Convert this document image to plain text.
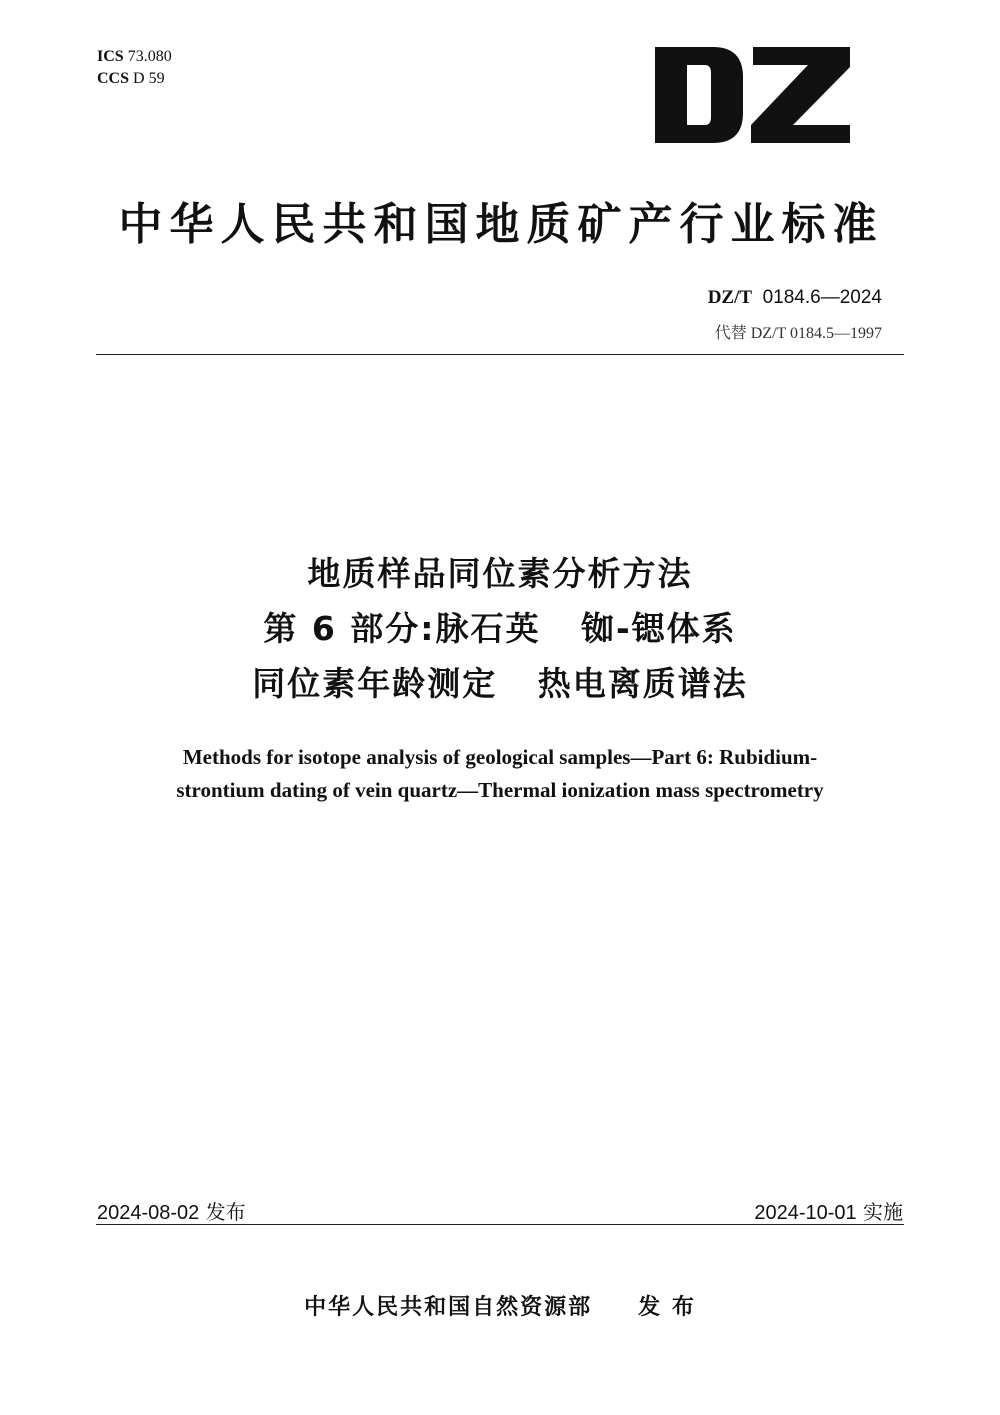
ICS 73.080
CCS D 59
DZ
中华人民共和国地质矿产行业标准
DZ/T 0184.6—2024
代替 DZ/T 0184.5—1997
地质样品同位素分析方法
第 6 部分:脉石英   铷-锶体系
同位素年龄测定   热电离质谱法
Methods for isotope analysis of geological samples—Part 6: Rubidium-
strontium dating of vein quartz—Thermal ionization mass spectrometry
2024-08-02 发布	2024-10-01 实施
中华人民共和国自然资源部 发 布
